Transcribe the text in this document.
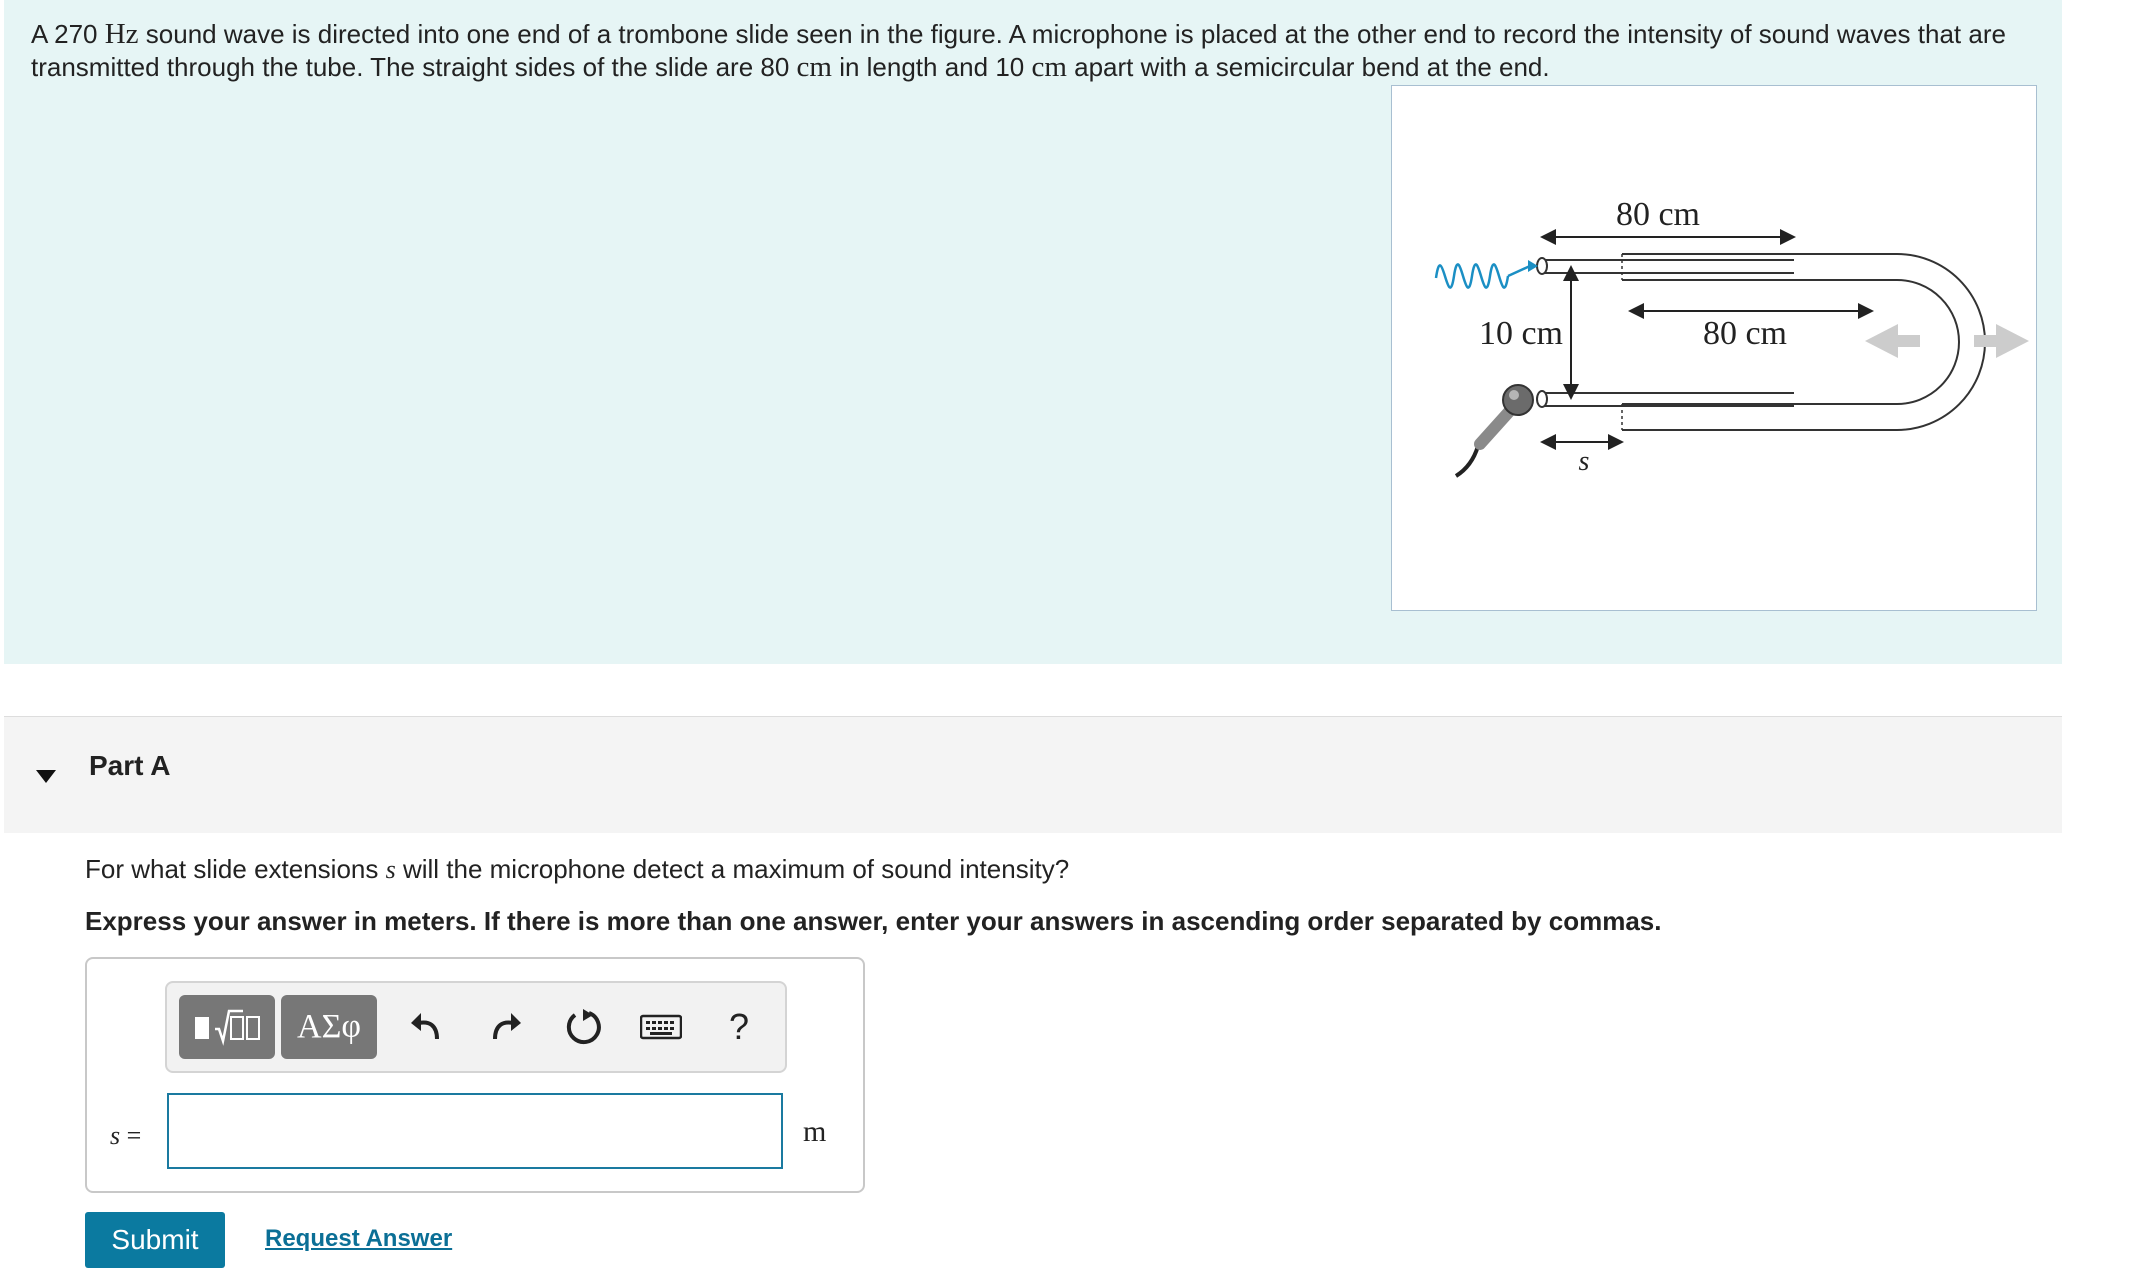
A 270 Hz sound wave is directed into one end of a trombone slide seen in the figure. A microphone is placed at the other end to record the intensity of sound waves that are transmitted through the tube. The straight sides of the slide are 80 cm in length and 10 cm apart with a semicircular bend at the end.
80 cm
10 cm	80 cm
s
Part A
For what slide extensions s will the microphone detect a maximum of sound intensity?
Express your answer in meters. If there is more than one answer, enter your answers in ascending order separated by commas.
ΑΣφ	?
s =	m
Submit	Request Answer
